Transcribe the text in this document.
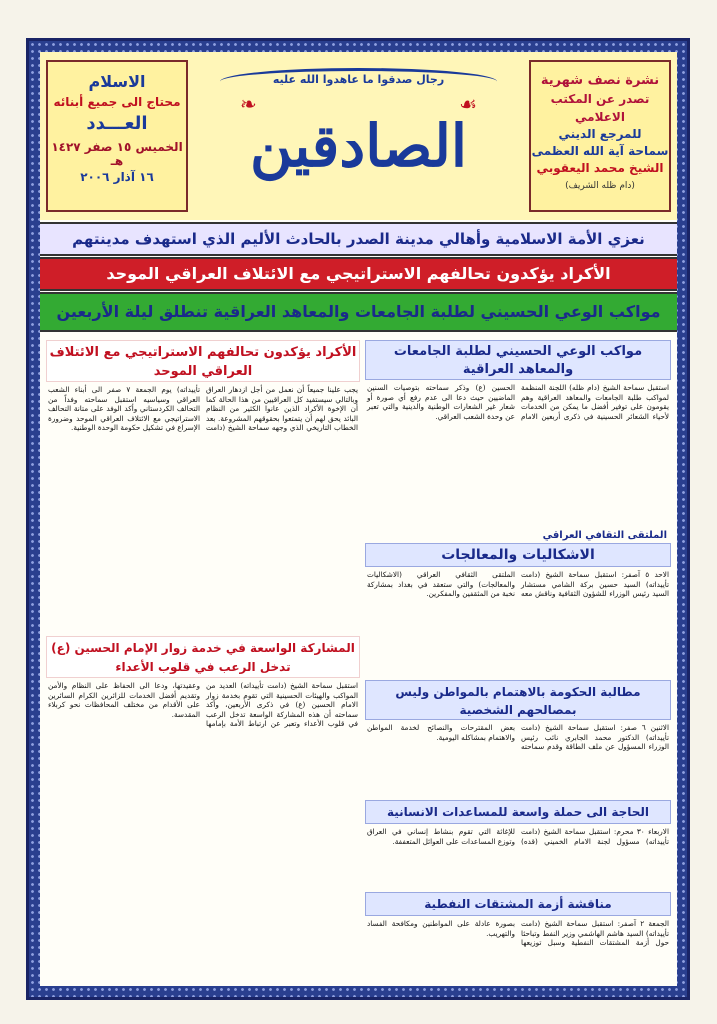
نشرة نصف شهرية
تصدر عن المكتب الاعلامي
للمرجع الديني
سماحة آية الله العظمى
الشيخ محمد اليعقوبي
(دام ظله الشريف)
رجال صدقوا ما عاهدوا الله عليه
❧	☙
الصادقين
الاسلام
محتاج الى جميع أبنائه
العـــدد
الخميس ١٥ صفر ١٤٢٧ هـ
١٦ آذار ٢٠٠٦
نعزي الأمة الاسلامية وأهالي مدينة الصدر بالحادث الأليم الذي استهدف مدينتهم
الأكراد يؤكدون تحالفهم الاستراتيجي مع الائتلاف العراقي الموحد
مواكب الوعي الحسيني لطلبة الجامعات والمعاهد العراقية تنطلق ليلة الأربعين
مواكب الوعي الحسيني لطلبة الجامعات والمعاهد العراقية
استقبل سماحة الشيخ (دام ظله) اللجنة المنظمة لمواكب طلبة الجامعات والمعاهد العراقية وهم يقومون على توفير أفضل ما يمكن من الخدمات لأحياء الشعائر الحسينية في ذكرى أربعين الامام الحسين (ع) وذكر سماحته بتوصيات السنين الماضيين حيث دعا الى عدم رفع أي صورة أو شعار غير الشعارات الوطنية والدينية والتي تعبر عن وحدة الشعب العراقي.
الملتقى الثقافي العراقي
الاشكاليات والمعالجات
الاحد ٥ آصفر: استقبل سماحة الشيخ (دامت تأييداته) السيد حسين بركة الشامي مستشار السيد رئيس الوزراء للشؤون الثقافية وناقش معه الملتقى الثقافي العراقي (الاشكاليات والمعالجات) والتي ستعقد في بغداد بمشاركة نخبة من المثقفين والمفكرين.
مطالبة الحكومة بالاهتمام بالمواطن وليس بمصالحهم الشخصية
الاثنين ٦ صفر: استقبل سماحة الشيخ (دامت تأييداته) الدكتور محمد الجابري نائب رئيس الوزراء المسؤول عن ملف الطاقة وقدم سماحته بعض المقترحات والنصائح لخدمة المواطن والاهتمام بمشاكله اليومية.
الحاجة الى حملة واسعة للمساعدات الانسانية
الاربعاء ٣٠ محرم: استقبل سماحة الشيخ (دامت تأييداته) مسؤول لجنة الامام الخميني (قده) للإغاثة التي تقوم بنشاط إنساني في العراق وتوزع المساعدات على العوائل المتعففة.
مناقشة أزمة المشتقات النفطية
الجمعة ٢ آصفر: استقبل سماحة الشيخ (دامت تأييداته) السيد هاشم الهاشمي وزير النفط وتباحثا حول أزمة المشتقات النفطية وسبل توزيعها بصورة عادلة على المواطنين ومكافحة الفساد والتهريب.
الأكراد يؤكدون تحالفهم الاستراتيجي مع الائتلاف العراقي الموحد
يجب علينا جميعاً أن نعمل من أجل ازدهار العراق وبالتالي سيستفيد كل العراقيين من هذا الحالة كما أن الإخوة الأكراد الذين عانوا الكثير من النظام البائد يحق لهم أن يتمتعوا بحقوقهم المشروعة. بعد الخطاب التاريخي الذي وجهه سماحة الشيخ (دامت تأييداته) يوم الجمعة ٧ صفر الى أبناء الشعب العراقي وسياسيه استقبل سماحته وفداً من التحالف الكردستاني وأكد الوفد على متانة التحالف الاستراتيجي مع الائتلاف العراقي الموحد وضرورة الإسراع في تشكيل حكومة الوحدة الوطنية.
المشاركة الواسعة في خدمة زوار الإمام الحسين (ع) تدخل الرعب في قلوب الأعداء
استقبل سماحة الشيخ (دامت تأييداته) العديد من المواكب والهيئات الحسينية التي تقوم بخدمة زوار الامام الحسين (ع) في ذكرى الأربعين، وأكد سماحته أن هذه المشاركة الواسعة تدخل الرعب في قلوب الأعداء وتعبر عن ارتباط الأمة بإمامها وعقيدتها، ودعا الى الحفاظ على النظام والأمن وتقديم أفضل الخدمات للزائرين الكرام السائرين على الأقدام من مختلف المحافظات نحو كربلاء المقدسة.
